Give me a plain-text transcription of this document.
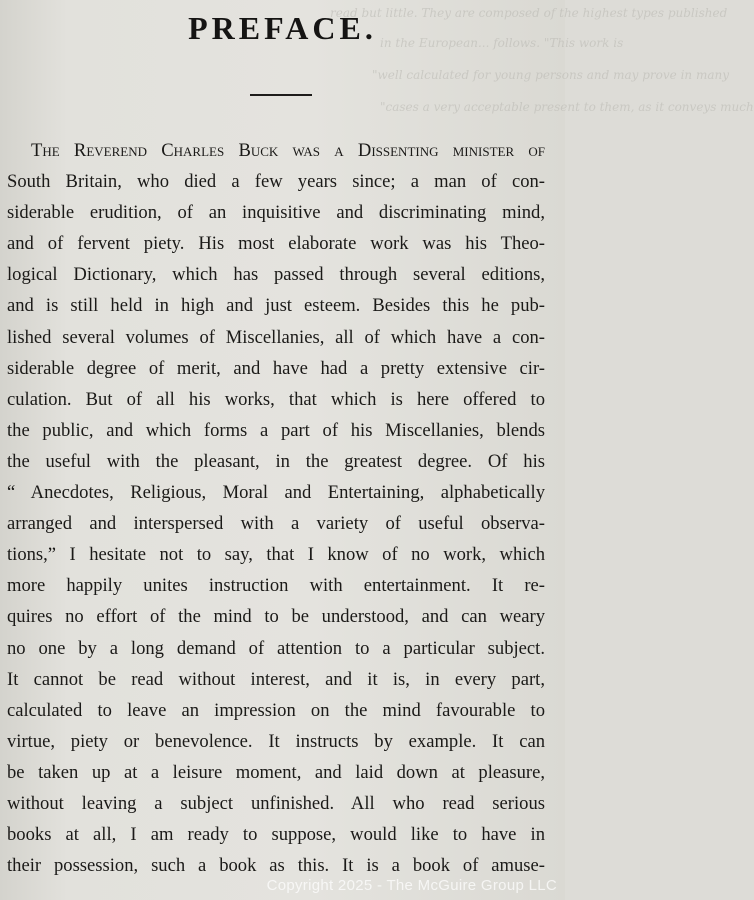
read but little. They are composed of the highest types published
in the European... follows. "This work is
"well calculated for young persons and may prove in many
"cases a very acceptable present to them, as it conveys much
PREFACE.
The Reverend Charles Buck was a Dissenting minister of
South Britain, who died a few years since; a man of con-
siderable erudition, of an inquisitive and discriminating mind,
and of fervent piety. His most elaborate work was his Theo-
logical Dictionary, which has passed through several editions,
and is still held in high and just esteem. Besides this he pub-
lished several volumes of Miscellanies, all of which have a con-
siderable degree of merit, and have had a pretty extensive cir-
culation. But of all his works, that which is here offered to
the public, and which forms a part of his Miscellanies, blends
the useful with the pleasant, in the greatest degree. Of his
“ Anecdotes, Religious, Moral and Entertaining, alphabetically
arranged and interspersed with a variety of useful observa-
tions,” I hesitate not to say, that I know of no work, which
more happily unites instruction with entertainment. It re-
quires no effort of the mind to be understood, and can weary
no one by a long demand of attention to a particular subject.
It cannot be read without interest, and it is, in every part,
calculated to leave an impression on the mind favourable to
virtue, piety or benevolence. It instructs by example. It can
be taken up at a leisure moment, and laid down at pleasure,
without leaving a subject unfinished. All who read serious
books at all, I am ready to suppose, would like to have in
their possession, such a book as this. It is a book of amuse-
Copyright 2025 - The McGuire Group LLC
